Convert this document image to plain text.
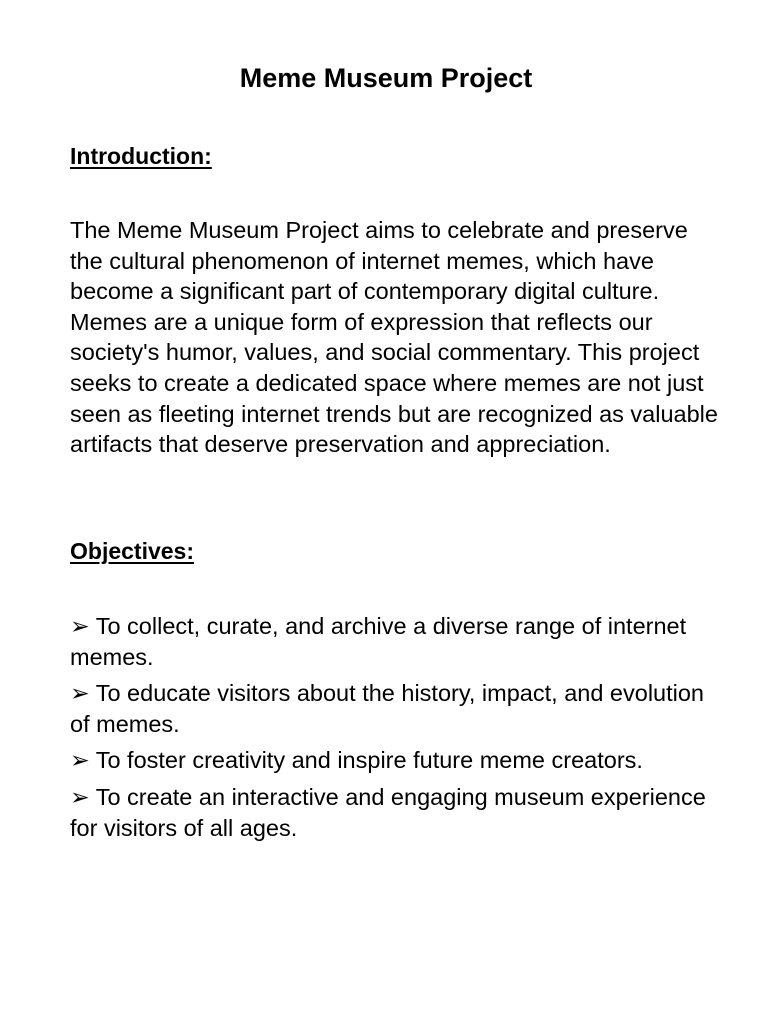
Meme Museum Project
Introduction:

The Meme Museum Project aims to celebrate and preserve the cultural phenomenon of internet memes, which have become a significant part of contemporary digital culture. Memes are a unique form of expression that reflects our society's humor, values, and social commentary. This project seeks to create a dedicated space where memes are not just seen as fleeting internet trends but are recognized as valuable artifacts that deserve preservation and appreciation.

Objectives:
➢ To collect, curate, and archive a diverse range of internet memes.
➢ To educate visitors about the history, impact, and evolution of memes.
➢ To foster creativity and inspire future meme creators.
➢ To create an interactive and engaging museum experience for visitors of all ages.
